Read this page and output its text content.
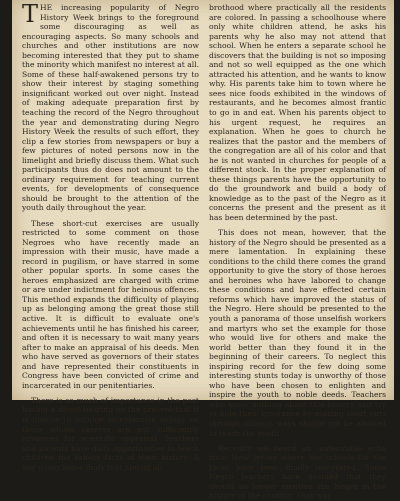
THE increasing popularity of Negro History Week brings to the foreground some discouraging as well as encouraging aspects. So many schools and churches and other institutions are now becoming interested that they put to shame the minority which manifest no interest at all. Some of these half-awakened persons try to show their interest by staging something insignificant worked out over night. Instead of making adequate preparation first by teaching the record of the Negro throughout the year and demonstrating during Negro History Week the results of such effort, they clip a few stories from newspapers or buy a few pictures of noted persons now in the limelight and briefly discuss them. What such participants thus do does not amount to the ordinary requirement for teaching current events, for developments of consequence should be brought to the attention of the youth daily throughout the year.

These short-cut exercises are usually restricted to some comment on those Negroes who have recently made an impression with their music, have made a record in pugilism, or have starred in some other popular sports. In some cases the heroes emphasized are charged with crime or are under indictment for heinous offences. This method expands the difficulty of playing up as belonging among the great those still active. It is difficult to evaluate one's achievements until he has finished his career, and often it is necessary to wait many years after to make an appraisal of his deeds. Men who have served as governors of their states and have represented their constituents in Congress have been convicted of crime and incarcerated in our penitentiaries.

There is so much of importance in the past having a direct bearing on the present that it is unwise to indulge in extensive eulogy on those whose careers are not sufficiently advanced for scientific appraisal. Teachers and parents have daily opportunities to teach children the salient facts of their history. A boy going home finds that almost all

brothood where practically all the residents are colored. In passing a schoolhouse where only white children attend, he asks his parents why he also may not attend that school. When he enters a separate school he discovers that the building is not so imposing and not so well equipped as the one which attracted his attention, and he wants to know why. His parents take him to town where he sees nice foods exhibited in the windows of restaurants, and he becomes almost frantic to go in and eat. When his parents object to his urgent request, he requires an explanation. When he goes to church he realizes that the pastor and the members of the congregation are all of his color and that he is not wanted in churches for people of a different stock. In the proper explanation of these things parents have the opportunity to do the groundwork and build a body of knowledge as to the past of the Negro as it concerns the present and the present as it has been determined by the past.

This does not mean, however, that the history of the Negro should be presented as a mere lamentation. In explaining these conditions to the child there comes the grand opportunity to give the story of those heroes and heroines who have labored to change these conditions and have effected certain reforms which have improved the status of the Negro. Here should be presented to the youth a panorama of those unselfish workers and martyrs who set the example for those who would live for others and make the world better than they found it in the beginning of their careers. To neglect this inspiring record for the few doing some interesting stunts today is unworthy of those who have been chosen to enlighten and inspire the youth to noble deeds. Teachers who know nothing about this history and try to hide their ignorance by making short cuts through dubious ways should not be allowed to teach the youth.

Recently we heard an undesirable echo from New Jersey where the schools for the races have been finally integrated. Some Negro teachers have decided that they should no longer mention the Negro in the history of the country. That way
